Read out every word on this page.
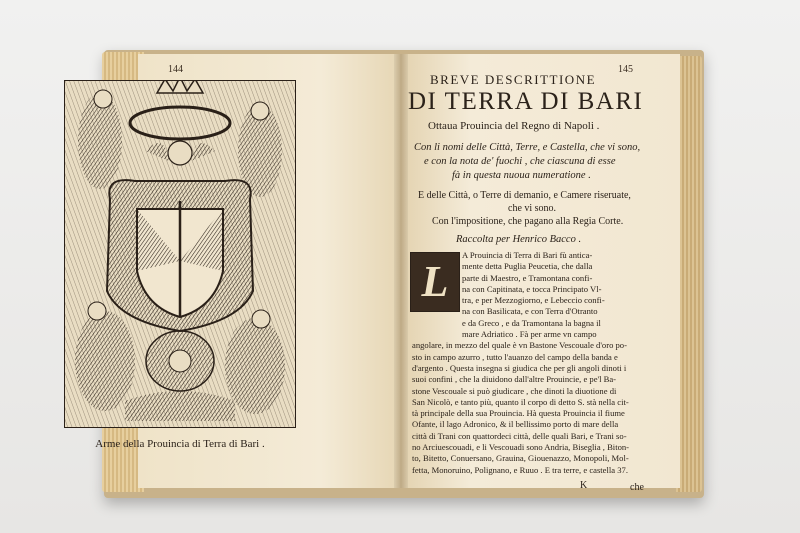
144
Arme della Prouincia di Terra di Bari .
145
BREVE DESCRITTIONE
DI TERRA DI BARI
Ottaua Prouincia del Regno di Napoli .
Con li nomi delle Città, Terre, e Castella, che vi sono,
e con la nota de' fuochi , che ciascuna di esse
fà in questa nuoua numeratione .
E delle Città, o Terre di demanio, e Camere riseruate,
che vi sono.
Con l'impositione, che pagano alla Regia Corte.
Raccolta per Henrico Bacco .
L
A Prouincia di Terra di Bari fù antica-
mente detta Puglia Peucetia, che dalla
parte di Maestro, e Tramontana confi-
na con Capitinata, e tocca Principato Vl-
tra, e per Mezzogiorno, e Lebeccio confi-
na con Basilicata, e con Terra d'Otranto
e da Greco , e da Tramontana la bagna il
mare Adriatico . Fà per arme vn campo
angolare, in mezzo del quale è vn Bastone Vescouale d'oro po-
sto in campo azurro , tutto l'auanzo del campo della banda e
d'argento . Questa insegna si giudica che per gli angoli dinoti i
suoi confini , che la diuidono dall'altre Prouincie, e pe'l Ba-
stone Vescouale si può giudicare , che dinoti la diuotione di
San Nicolò, e tanto più, quanto il corpo di detto S. stà nella cit-
tà principale della sua Prouincia. Hà questa Prouincia il fiume
Ofante, il lago Adronico, & il bellissimo porto di mare della
città di Trani con quattordeci città, delle quali Bari, e Trani so-
no Arciuescouadi, e li Vescouadi sono Andria, Biseglia , Biton-
to, Bitetto, Conuersano, Grauina, Giouenazzo, Monopoli, Mol-
fetta, Monoruino, Polignano, e Ruuo . E tra terre, e castella 37.
K	che
